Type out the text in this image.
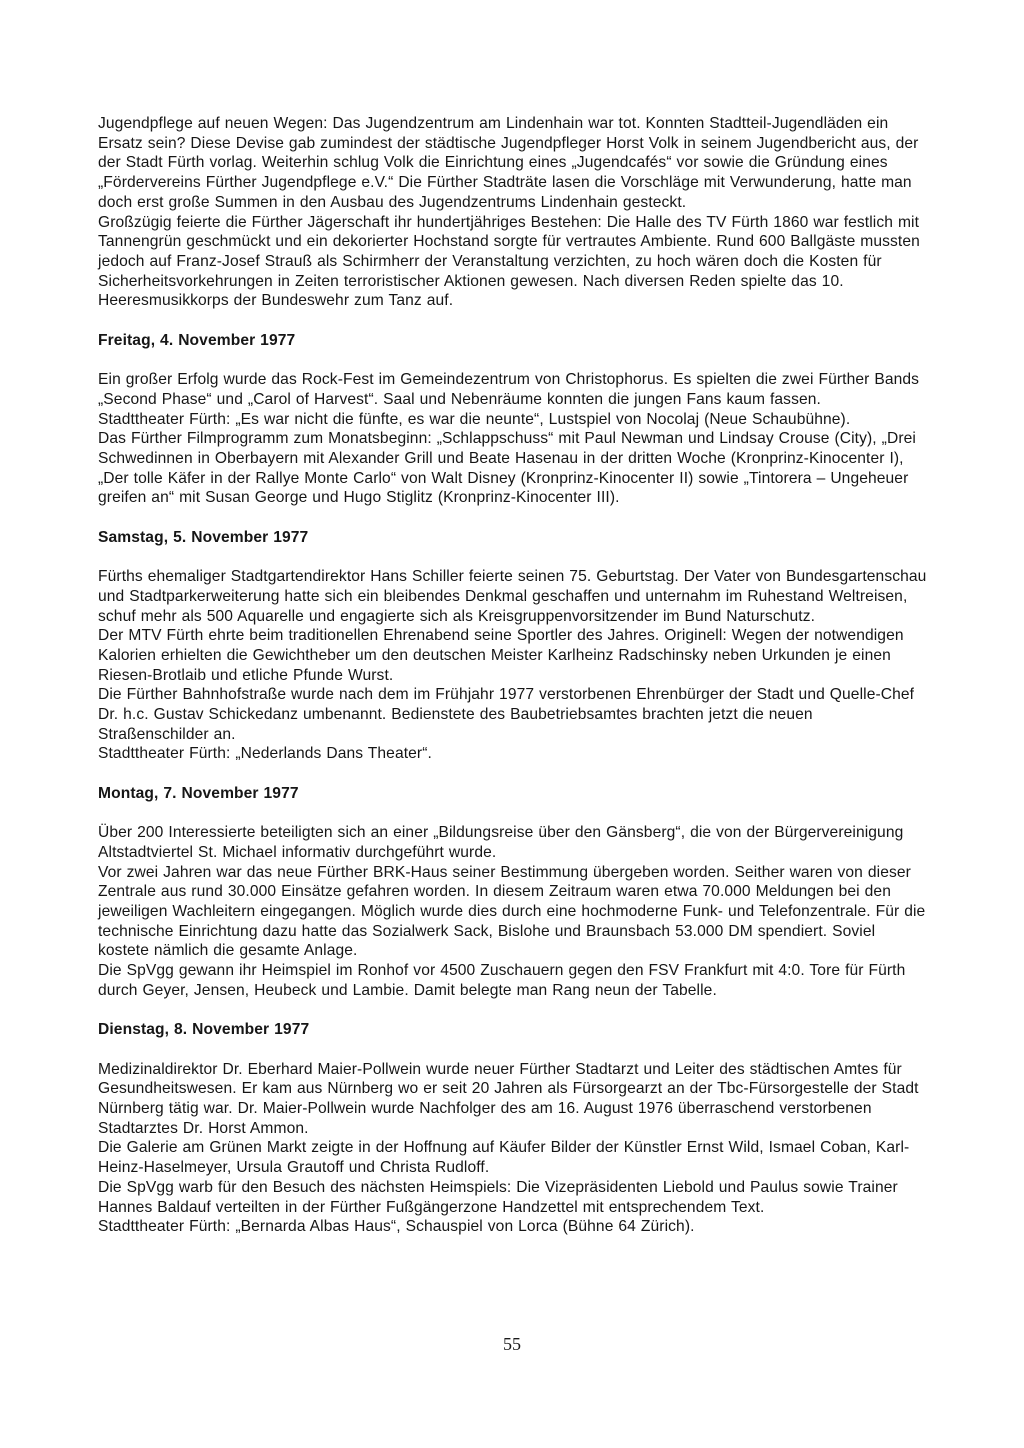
Jugendpflege auf neuen Wegen: Das Jugendzentrum am Lindenhain war tot. Konnten Stadtteil-Jugendläden ein Ersatz sein? Diese Devise gab zumindest der städtische Jugendpfleger Horst Volk in seinem Jugendbericht aus, der der Stadt Fürth vorlag. Weiterhin schlug Volk die Einrichtung eines „Jugendcafés“ vor sowie die Gründung eines „Fördervereins Fürther Jugendpflege e.V.“ Die Fürther Stadträte lasen die Vorschläge mit Verwunderung, hatte man doch erst große Summen in den Ausbau des Jugendzentrums Lindenhain gesteckt.

Großzügig feierte die Fürther Jägerschaft ihr hundertjähriges Bestehen: Die Halle des TV Fürth 1860 war festlich mit Tannengrün geschmückt und ein dekorierter Hochstand sorgte für vertrautes Ambiente. Rund 600 Ballgäste mussten jedoch auf Franz-Josef Strauß als Schirmherr der Veranstaltung verzichten, zu hoch wären doch die Kosten für Sicherheitsvorkehrungen in Zeiten terroristischer Aktionen gewesen. Nach diversen Reden spielte das 10. Heeresmusikkorps der Bundeswehr zum Tanz auf.

Freitag, 4. November 1977

Ein großer Erfolg wurde das Rock-Fest im Gemeindezentrum von Christophorus. Es spielten die zwei Fürther Bands „Second Phase“ und „Carol of Harvest“. Saal und Nebenräume konnten die jungen Fans kaum fassen.

Stadttheater Fürth: „Es war nicht die fünfte, es war die neunte“, Lustspiel von Nocolaj (Neue Schaubühne).

Das Fürther Filmprogramm zum Monatsbeginn: „Schlappschuss“ mit Paul Newman und Lindsay Crouse (City), „Drei Schwedinnen in Oberbayern mit Alexander Grill und Beate Hasenau in der dritten Woche (Kronprinz-Kinocenter I), „Der tolle Käfer in der Rallye Monte Carlo“ von Walt Disney (Kronprinz-Kinocenter II) sowie „Tintorera – Ungeheuer greifen an“ mit Susan George und Hugo Stiglitz (Kronprinz-Kinocenter III).

Samstag, 5. November 1977

Fürths ehemaliger Stadtgartendirektor Hans Schiller feierte seinen 75. Geburtstag. Der Vater von Bundesgartenschau und Stadtparkerweiterung hatte sich ein bleibendes Denkmal geschaffen und unternahm im Ruhestand Weltreisen, schuf mehr als 500 Aquarelle und engagierte sich als Kreisgruppenvorsitzender im Bund Naturschutz.

Der MTV Fürth ehrte beim traditionellen Ehrenabend seine Sportler des Jahres. Originell: Wegen der notwendigen Kalorien erhielten die Gewichtheber um den deutschen Meister Karlheinz Radschinsky neben Urkunden je einen Riesen-Brotlaib und etliche Pfunde Wurst.

Die Fürther Bahnhofstraße wurde nach dem im Frühjahr 1977 verstorbenen Ehrenbürger der Stadt und Quelle-Chef Dr. h.c. Gustav Schickedanz umbenannt. Bedienstete des Baubetriebsamtes brachten jetzt die neuen Straßenschilder an.

Stadttheater Fürth: „Nederlands Dans Theater“.

Montag, 7. November 1977

Über 200 Interessierte beteiligten sich an einer „Bildungsreise über den Gänsberg“, die von der Bürgervereinigung Altstadtviertel St. Michael informativ durchgeführt wurde.

Vor zwei Jahren war das neue Fürther BRK-Haus seiner Bestimmung übergeben worden. Seither waren von dieser Zentrale aus rund 30.000 Einsätze gefahren worden. In diesem Zeitraum waren etwa 70.000 Meldungen bei den jeweiligen Wachleitern eingegangen. Möglich wurde dies durch eine hochmoderne Funk- und Telefonzentrale. Für die technische Einrichtung dazu hatte das Sozialwerk Sack, Bislohe und Braunsbach 53.000 DM spendiert. Soviel kostete nämlich die gesamte Anlage.

Die SpVgg gewann ihr Heimspiel im Ronhof vor 4500 Zuschauern gegen den FSV Frankfurt mit 4:0. Tore für Fürth durch Geyer, Jensen, Heubeck und Lambie. Damit belegte man Rang neun der Tabelle.

Dienstag, 8. November 1977

Medizinaldirektor Dr. Eberhard Maier-Pollwein wurde neuer Fürther Stadtarzt und Leiter des städtischen Amtes für Gesundheitswesen. Er kam aus Nürnberg wo er seit 20 Jahren als Fürsorgearzt an der Tbc-Fürsorgestelle der Stadt Nürnberg tätig war. Dr. Maier-Pollwein wurde Nachfolger des am 16. August 1976 überraschend verstorbenen Stadtarztes Dr. Horst Ammon.

Die Galerie am Grünen Markt zeigte in der Hoffnung auf Käufer Bilder der Künstler Ernst Wild, Ismael Coban, Karl-Heinz-Haselmeyer, Ursula Grautoff und Christa Rudloff.

Die SpVgg warb für den Besuch des nächsten Heimspiels: Die Vizepräsidenten Liebold und Paulus sowie Trainer Hannes Baldauf verteilten in der Fürther Fußgängerzone Handzettel mit entsprechendem Text.

Stadttheater Fürth: „Bernarda Albas Haus“, Schauspiel von Lorca (Bühne 64 Zürich).

55
